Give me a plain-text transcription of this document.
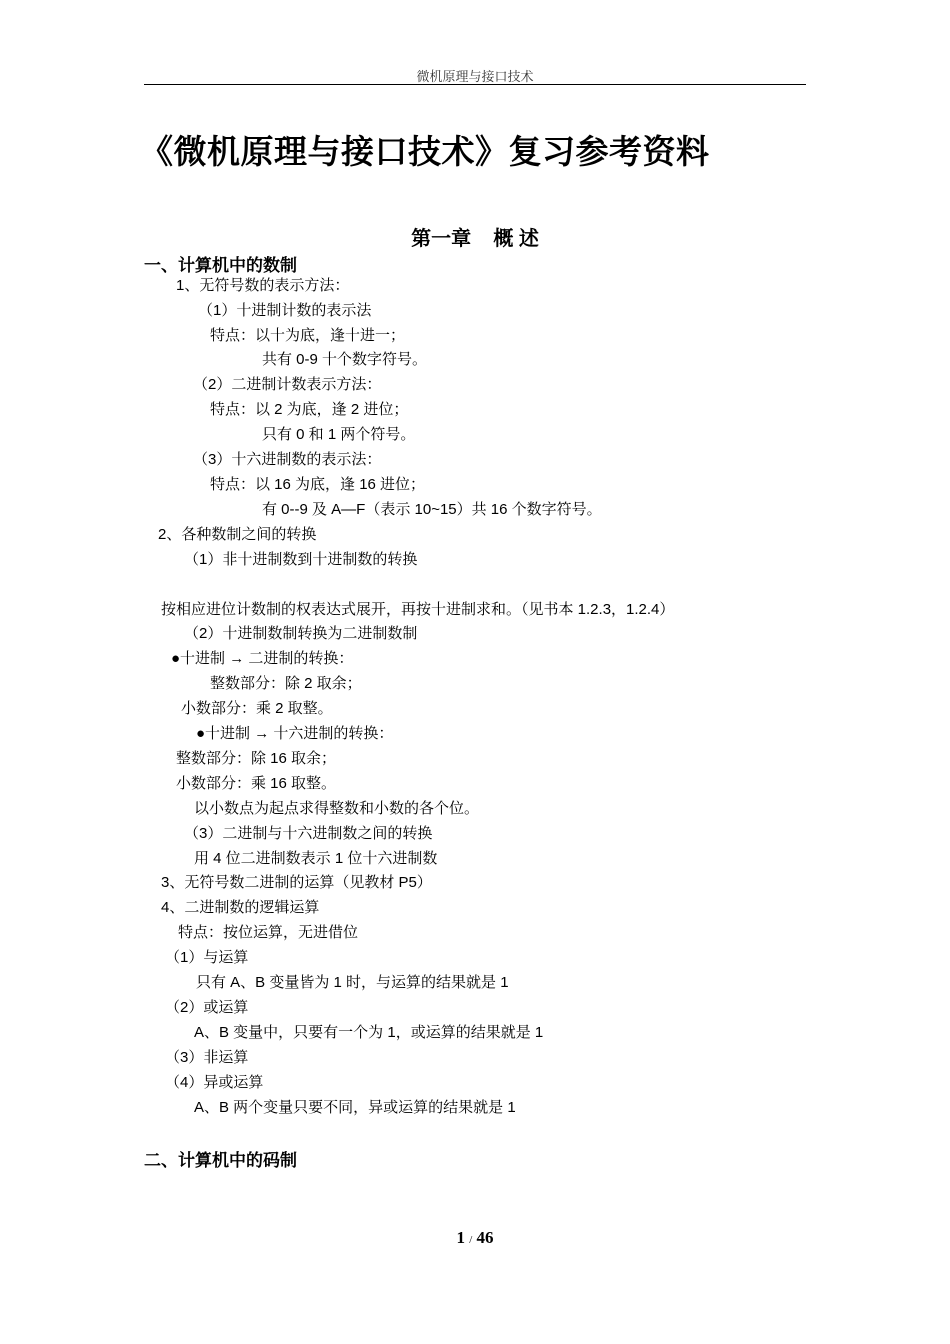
微机原理与接口技术
《微机原理与接口技术》复习参考资料
第一章    概 述
一、计算机中的数制
1、无符号数的表示方法：
（1）十进制计数的表示法
特点：以十为底，逢十进一；
共有 0-9 十个数字符号。
（2）二进制计数表示方法：
特点：以 2 为底，逢 2 进位；
只有 0 和 1 两个符号。
（3）十六进制数的表示法：
特点：以 16 为底，逢 16 进位；
有 0--9 及 A—F（表示 10~15）共 16 个数字符号。
2、各种数制之间的转换
（1）非十进制数到十进制数的转换
按相应进位计数制的权表达式展开，再按十进制求和。（见书本 1.2.3，1.2.4）
（2）十进制数制转换为二进制数制
●十进制 → 二进制的转换：
整数部分：除 2 取余；
小数部分：乘 2 取整。
●十进制 → 十六进制的转换：
整数部分：除 16 取余；
小数部分：乘 16 取整。
以小数点为起点求得整数和小数的各个位。
（3）二进制与十六进制数之间的转换
用 4 位二进制数表示 1 位十六进制数
3、无符号数二进制的运算（见教材 P5）
4、二进制数的逻辑运算
特点：按位运算，无进借位
（1）与运算
只有 A、B 变量皆为 1 时，与运算的结果就是 1
（2）或运算
A、B 变量中，只要有一个为 1，或运算的结果就是 1
（3）非运算
（4）异或运算
A、B 两个变量只要不同，异或运算的结果就是 1
二、计算机中的码制
1 / 46
